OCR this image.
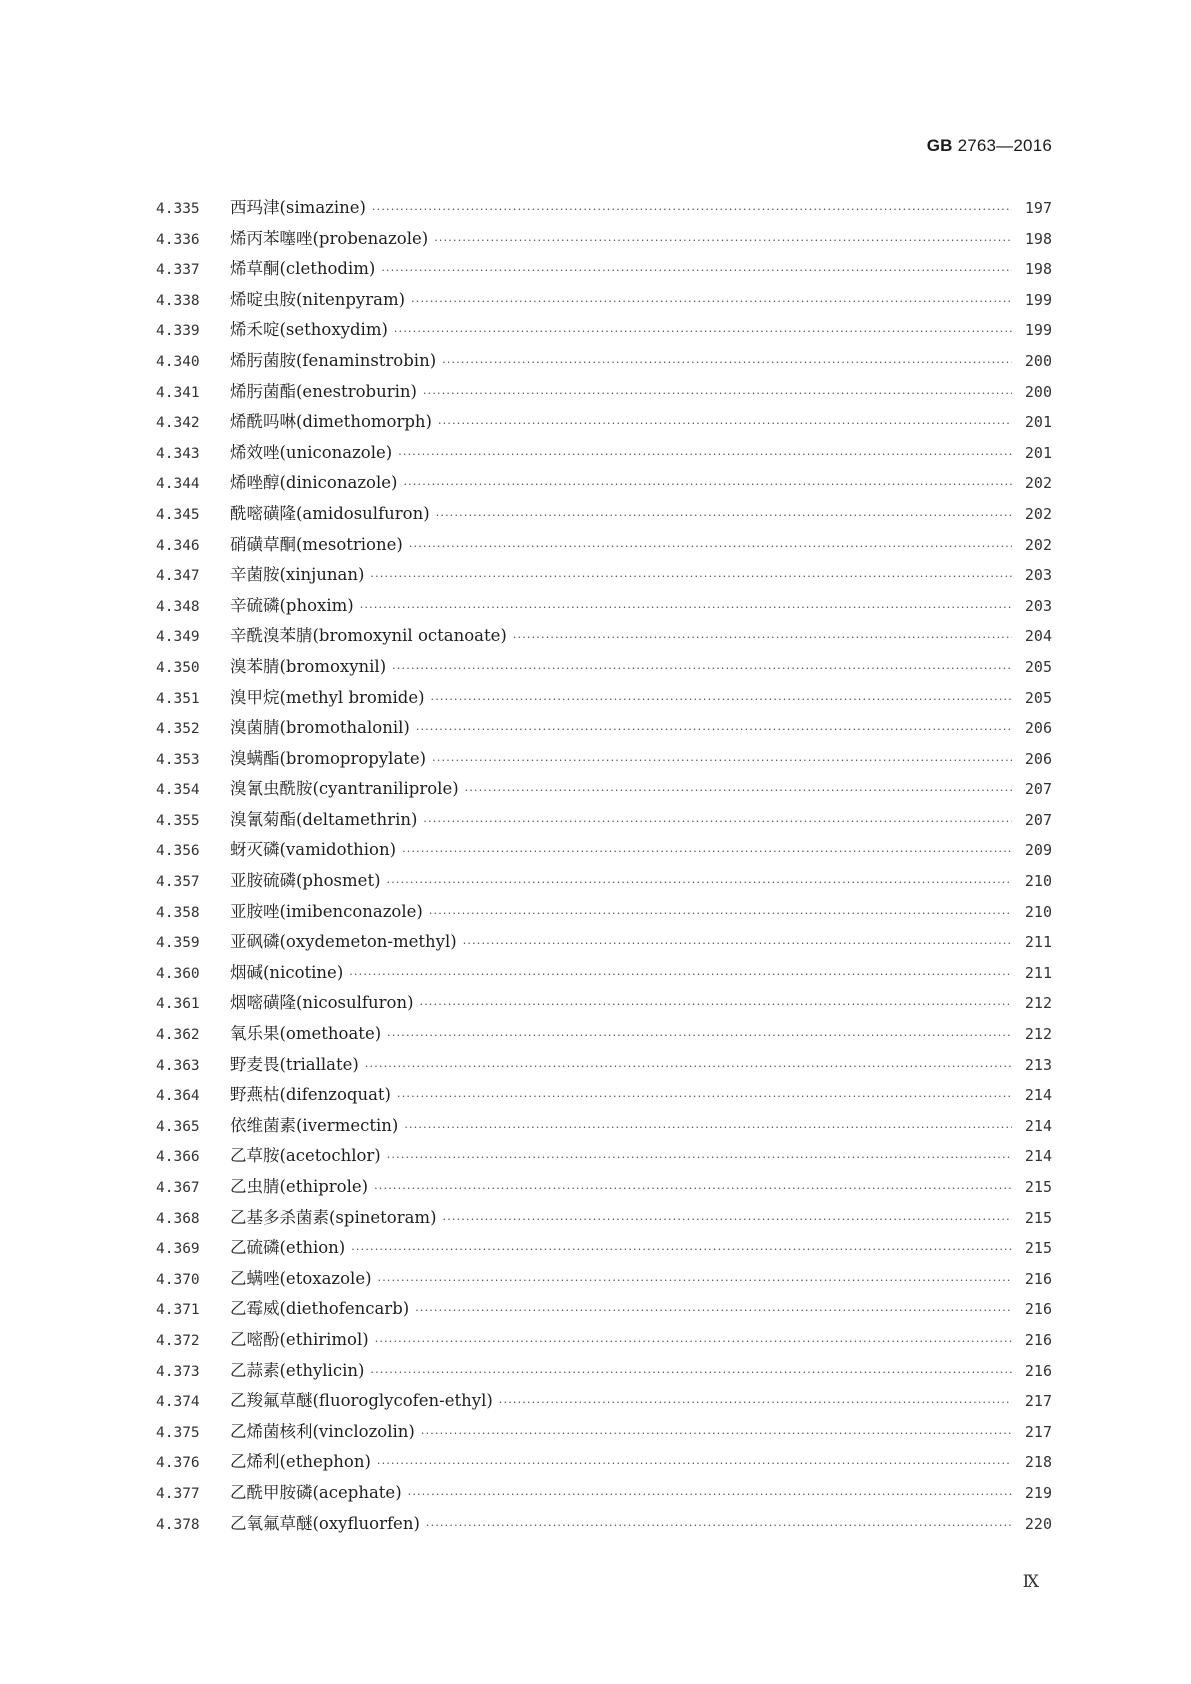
GB 2763—2016
4.335	西玛津(simazine) ·····	197
4.336	烯丙苯噻唑(probenazole) ·····	198
4.337	烯草酮(clethodim) ·····	198
4.338	烯啶虫胺(nitenpyram) ·····	199
4.339	烯禾啶(sethoxydim) ·····	199
4.340	烯肟菌胺(fenaminstrobin) ·····	200
4.341	烯肟菌酯(enestroburin) ·····	200
4.342	烯酰吗啉(dimethomorph) ·····	201
4.343	烯效唑(uniconazole) ·····	201
4.344	烯唑醇(diniconazole) ·····	202
4.345	酰嘧磺隆(amidosulfuron) ·····	202
4.346	硝磺草酮(mesotrione) ·····	202
4.347	辛菌胺(xinjunan) ·····	203
4.348	辛硫磷(phoxim) ·····	203
4.349	辛酰溴苯腈(bromoxynil octanoate) ·····	204
4.350	溴苯腈(bromoxynil) ·····	205
4.351	溴甲烷(methyl bromide) ·····	205
4.352	溴菌腈(bromothalonil) ·····	206
4.353	溴螨酯(bromopropylate) ·····	206
4.354	溴氰虫酰胺(cyantraniliprole) ·····	207
4.355	溴氰菊酯(deltamethrin) ·····	207
4.356	蚜灭磷(vamidothion) ·····	209
4.357	亚胺硫磷(phosmet) ·····	210
4.358	亚胺唑(imibenconazole) ·····	210
4.359	亚砜磷(oxydemeton-methyl) ·····	211
4.360	烟碱(nicotine) ·····	211
4.361	烟嘧磺隆(nicosulfuron) ·····	212
4.362	氧乐果(omethoate) ·····	212
4.363	野麦畏(triallate) ·····	213
4.364	野燕枯(difenzoquat) ·····	214
4.365	依维菌素(ivermectin) ·····	214
4.366	乙草胺(acetochlor) ·····	214
4.367	乙虫腈(ethiprole) ·····	215
4.368	乙基多杀菌素(spinetoram) ·····	215
4.369	乙硫磷(ethion) ·····	215
4.370	乙螨唑(etoxazole) ·····	216
4.371	乙霉威(diethofencarb) ·····	216
4.372	乙嘧酚(ethirimol) ·····	216
4.373	乙蒜素(ethylicin) ·····	216
4.374	乙羧氟草醚(fluoroglycofen-ethyl) ·····	217
4.375	乙烯菌核利(vinclozolin) ·····	217
4.376	乙烯利(ethephon) ·····	218
4.377	乙酰甲胺磷(acephate) ·····	219
4.378	乙氧氟草醚(oxyfluorfen) ·····	220
Ⅸ
